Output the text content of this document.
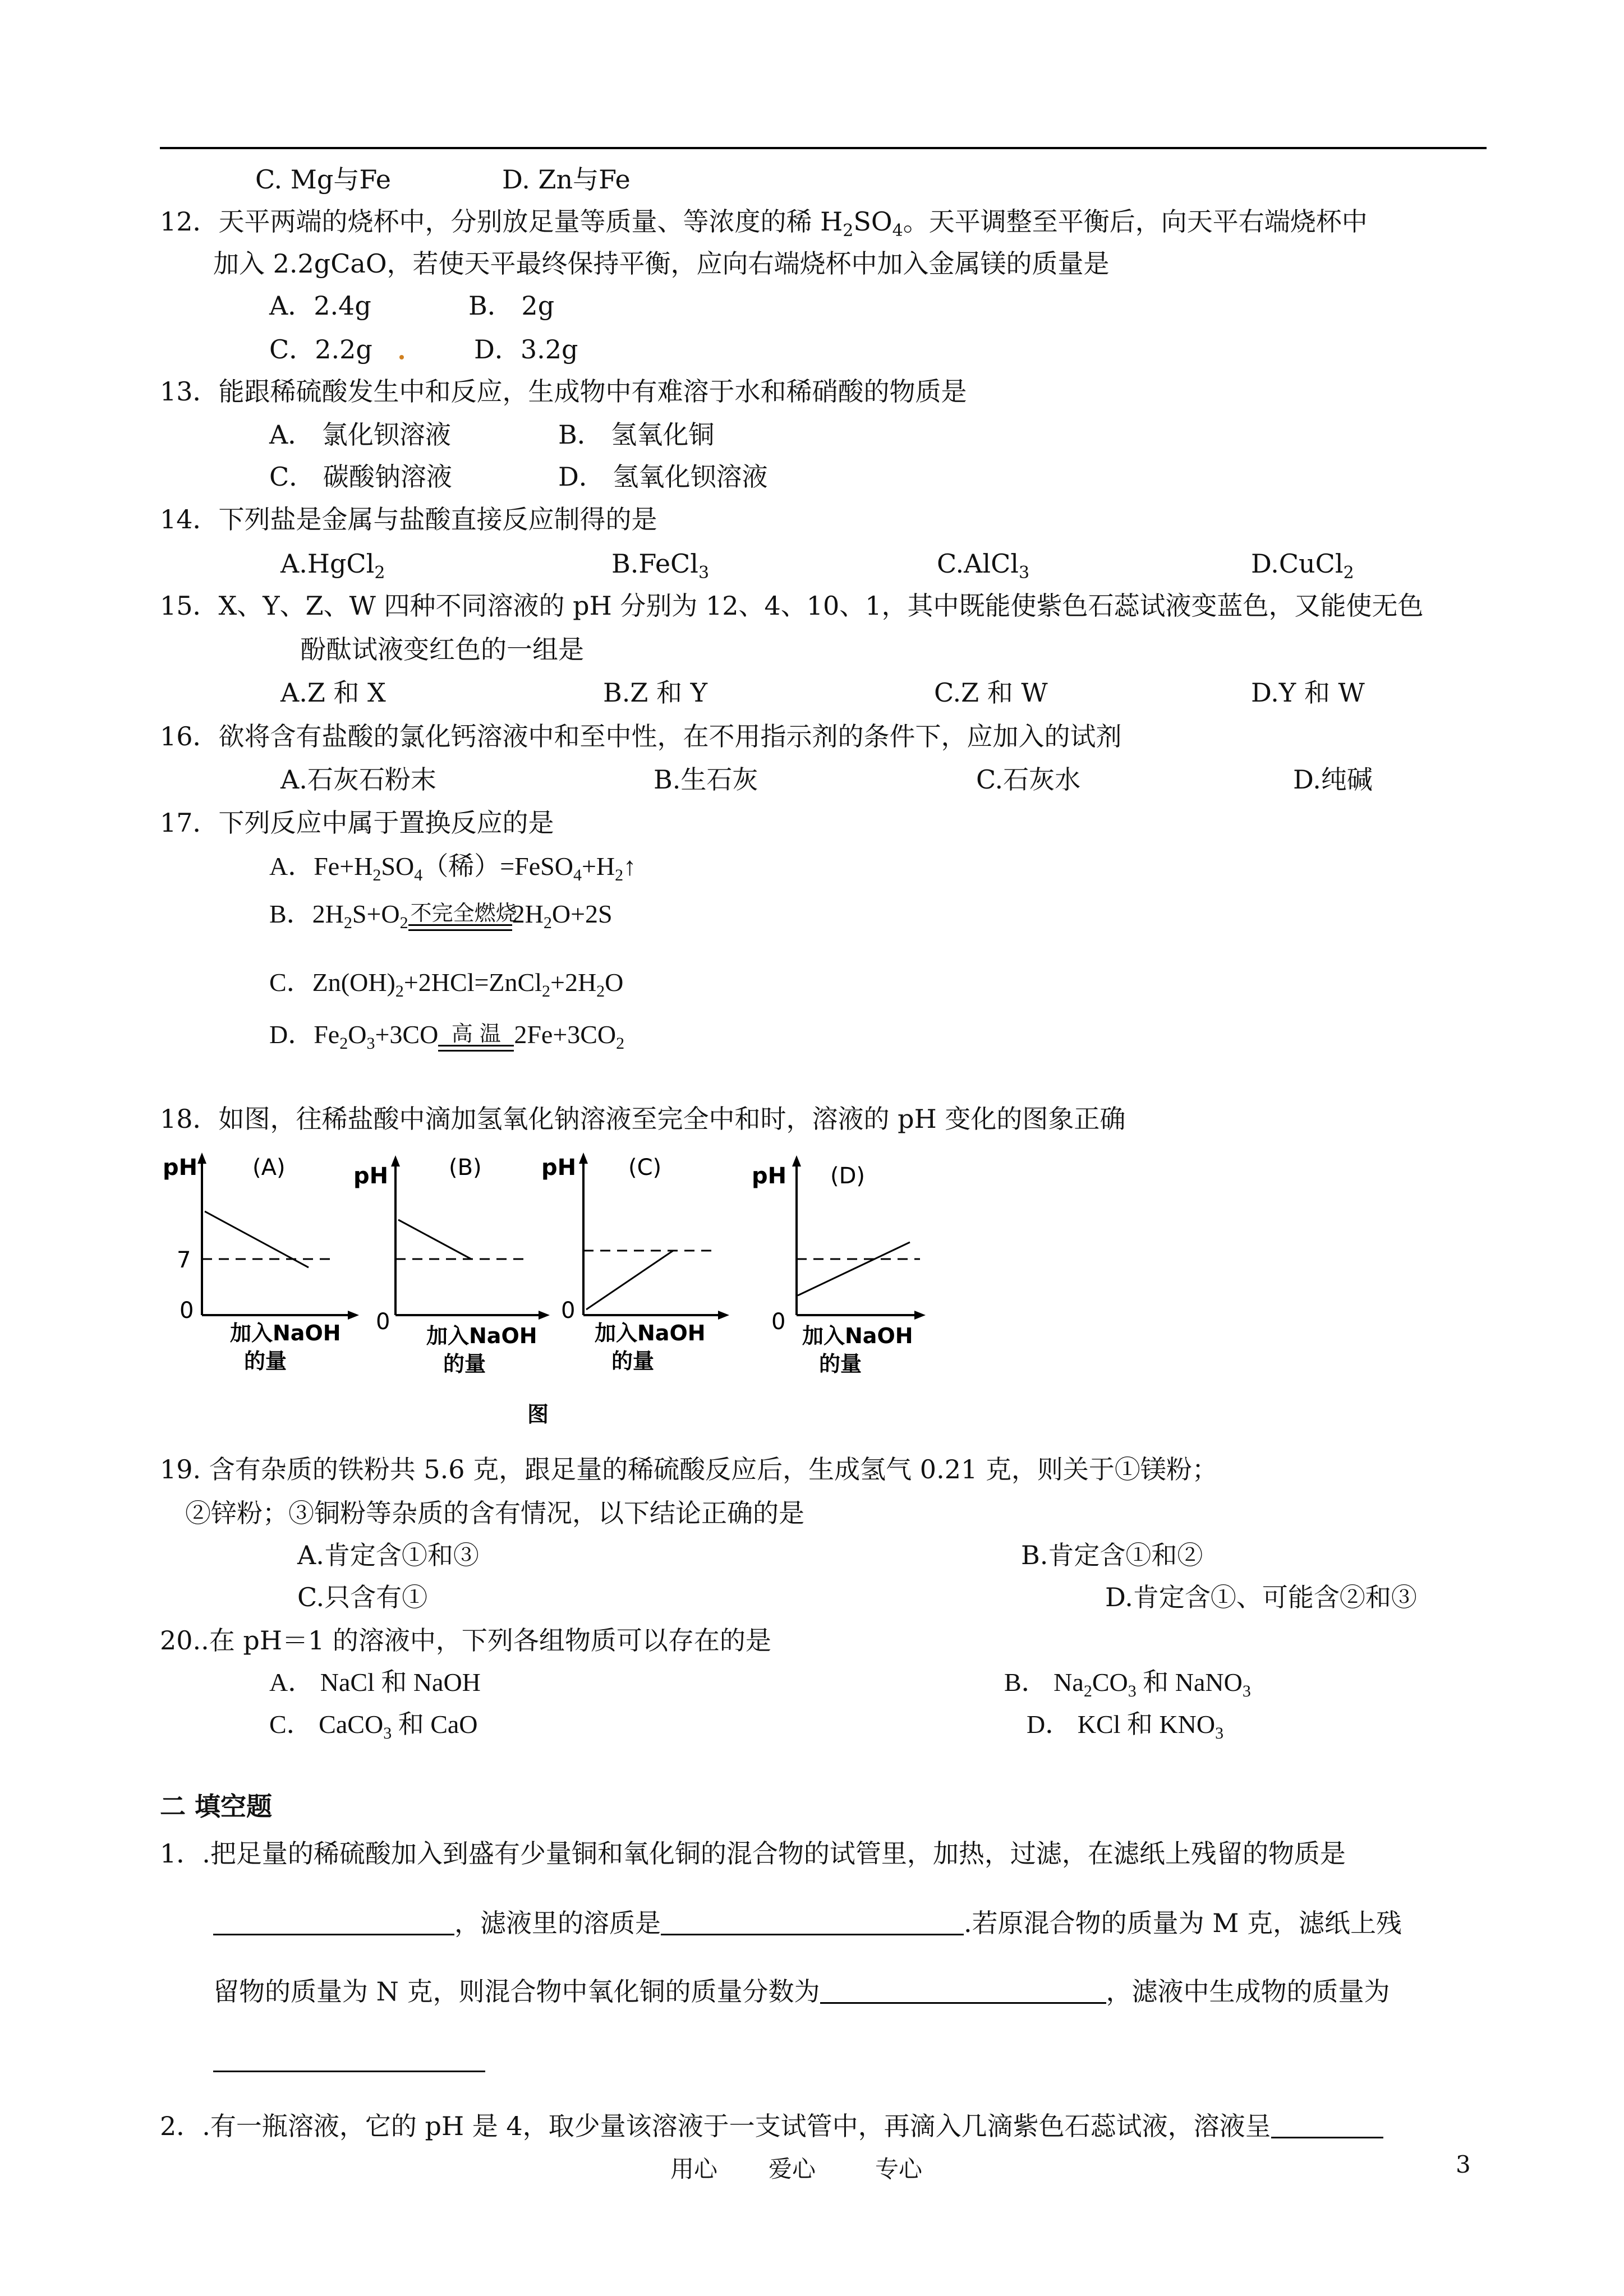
C. Mg与Fe	D. Zn与Fe
12．天平两端的烧杯中，分别放足量等质量、等浓度的稀 $H_2SO_4$。天平调整至平衡后，向天平右端烧杯中
加入 2.2gCaO，若使天平最终保持平衡，应向右端烧杯中加入金属镁的质量是
A．2.4g	B． 2g
C．2.2g	D．3.2g
13．能跟稀硫酸发生中和反应，生成物中有难溶于水和稀硝酸的物质是
A． 氯化钡溶液	B． 氢氧化铜
C． 碳酸钠溶液	D． 氢氧化钡溶液
14．下列盐是金属与盐酸直接反应制得的是
A.HgCl$_2$	B.FeCl$_3$	C.AlCl$_3$	D.CuCl$_2$
15．X、Y、Z、W 四种不同溶液的 pH 分别为 12、4、10、1，其中既能使紫色石蕊试液变蓝色，又能使无色
酚酞试液变红色的一组是
A.Z 和 X	B.Z 和 Y	C.Z 和 W	D.Y 和 W
16．欲将含有盐酸的氯化钙溶液中和至中性，在不用指示剂的条件下，应加入的试剂
A.石灰石粉末	B.生石灰	C.石灰水	D.纯碱
17．下列反应中属于置换反应的是
A．$Fe+H_2SO_4$（稀）$=FeSO_4+H_2↑$
B．$2H_2S+O_2$ 不完全燃烧
$2H_2O+2S$
C．$Zn(OH)_2+2HCl=ZnCl_2+2H_2O$
D．$Fe_2O_3+3CO$ 高 温 $2Fe+3CO_2$
18．如图，往稀盐酸中滴加氢氧化钠溶液至完全中和时，溶液的 pH 变化的图象正确
pH (A)
7
0
加入NaOH
的量
pH	(B)
0
加入NaOH
的量
pH (C)
0
加入NaOH
的量
pH (D)
0
加入NaOH
的量
图
19. 含有杂质的铁粉共 5.6 克，跟足量的稀硫酸反应后，生成氢气 0.21 克，则关于①镁粉；
②锌粉；③铜粉等杂质的含有情况，以下结论正确的是
A.肯定含①和③	B.肯定含①和②
C.只含有①	D.肯定含①、可能含②和③
20..在 pH＝1 的溶液中，下列各组物质可以存在的是
A． NaCl 和 NaOH	B． $Na_2CO_3$ 和 NaNO$_3$
C． CaCO$_3$ 和 CaO	D． KCl 和 $KNO_3$
二 填空题
1．.把足量的稀硫酸加入到盛有少量铜和氧化铜的混合物的试管里，加热，过滤，在滤纸上残留的物质是
，滤液里的溶质是	.若原混合物的质量为 M 克，滤纸上残
留物的质量为 N 克，则混合物中氧化铜的质量分数为	，滤液中生成物的质量为
2．.有一瓶溶液，它的 pH 是 4，取少量该溶液于一支试管中，再滴入几滴紫色石蕊试液，溶液呈
用心 爱心	专心	3
